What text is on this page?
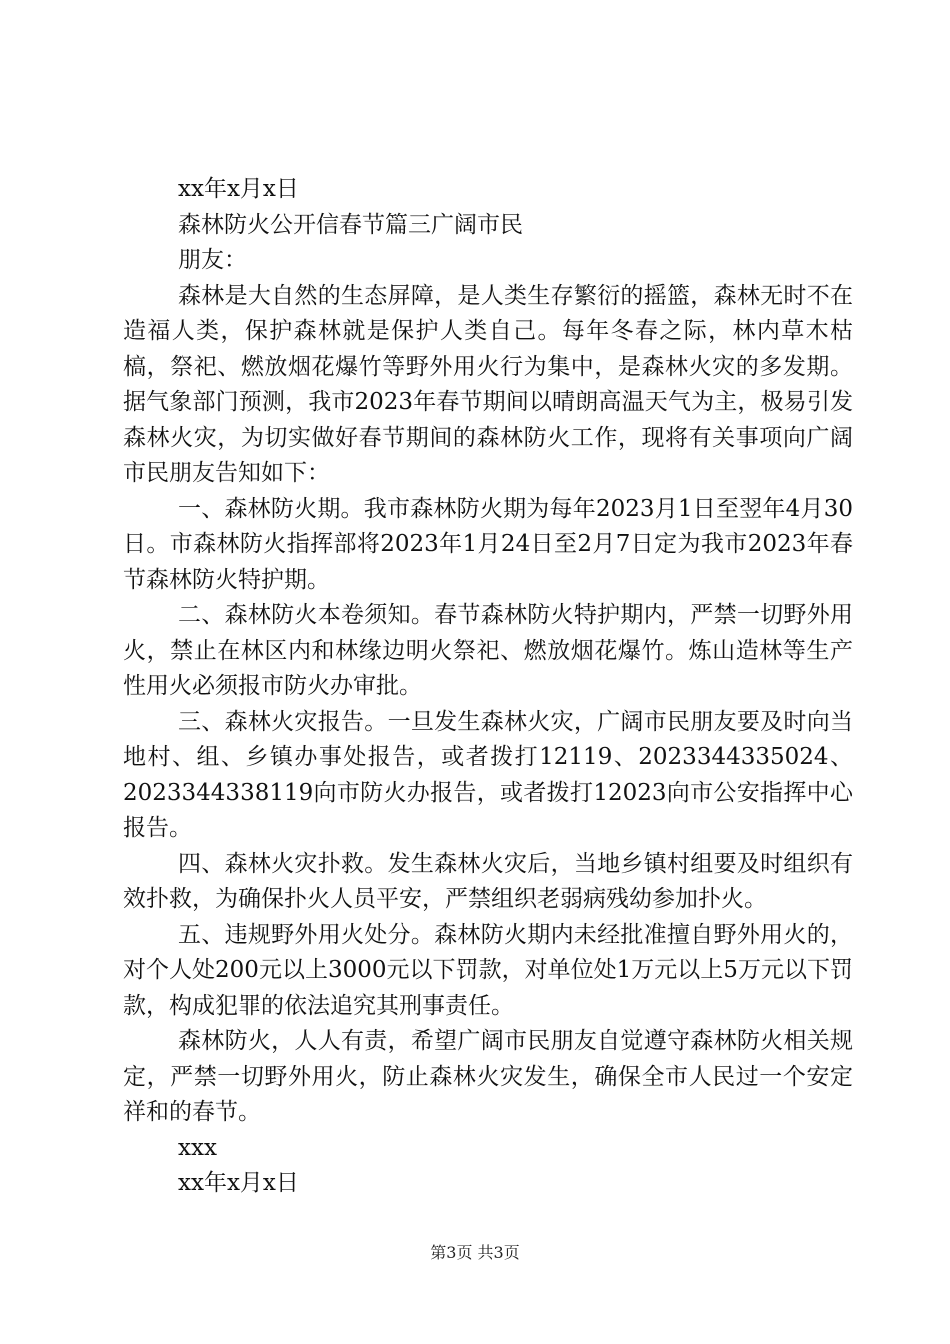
xx年x月x日

森林防火公开信春节篇三广阔市民

朋友：

森林是大自然的生态屏障，是人类生存繁衍的摇篮，森林无时不在造福人类，保护森林就是保护人类自己。每年冬春之际，林内草木枯槁，祭祀、燃放烟花爆竹等野外用火行为集中，是森林火灾的多发期。据气象部门预测，我市2023年春节期间以晴朗高温天气为主，极易引发森林火灾，为切实做好春节期间的森林防火工作，现将有关事项向广阔市民朋友告知如下：

一、森林防火期。我市森林防火期为每年2023月1日至翌年4月30日。市森林防火指挥部将2023年1月24日至2月7日定为我市2023年春节森林防火特护期。

二、森林防火本卷须知。春节森林防火特护期内，严禁一切野外用火，禁止在林区内和林缘边明火祭祀、燃放烟花爆竹。炼山造林等生产性用火必须报市防火办审批。

三、森林火灾报告。一旦发生森林火灾，广阔市民朋友要及时向当地村、组、乡镇办事处报告，或者拨打12119、2023344335024、2023344338119向市防火办报告，或者拨打12023向市公安指挥中心报告。

四、森林火灾扑救。发生森林火灾后，当地乡镇村组要及时组织有效扑救，为确保扑火人员平安，严禁组织老弱病残幼参加扑火。

五、违规野外用火处分。森林防火期内未经批准擅自野外用火的，对个人处200元以上3000元以下罚款，对单位处1万元以上5万元以下罚款，构成犯罪的依法追究其刑事责任。

森林防火，人人有责，希望广阔市民朋友自觉遵守森林防火相关规定，严禁一切野外用火，防止森林火灾发生，确保全市人民过一个安定祥和的春节。

xxx

xx年x月x日

第3页 共3页
